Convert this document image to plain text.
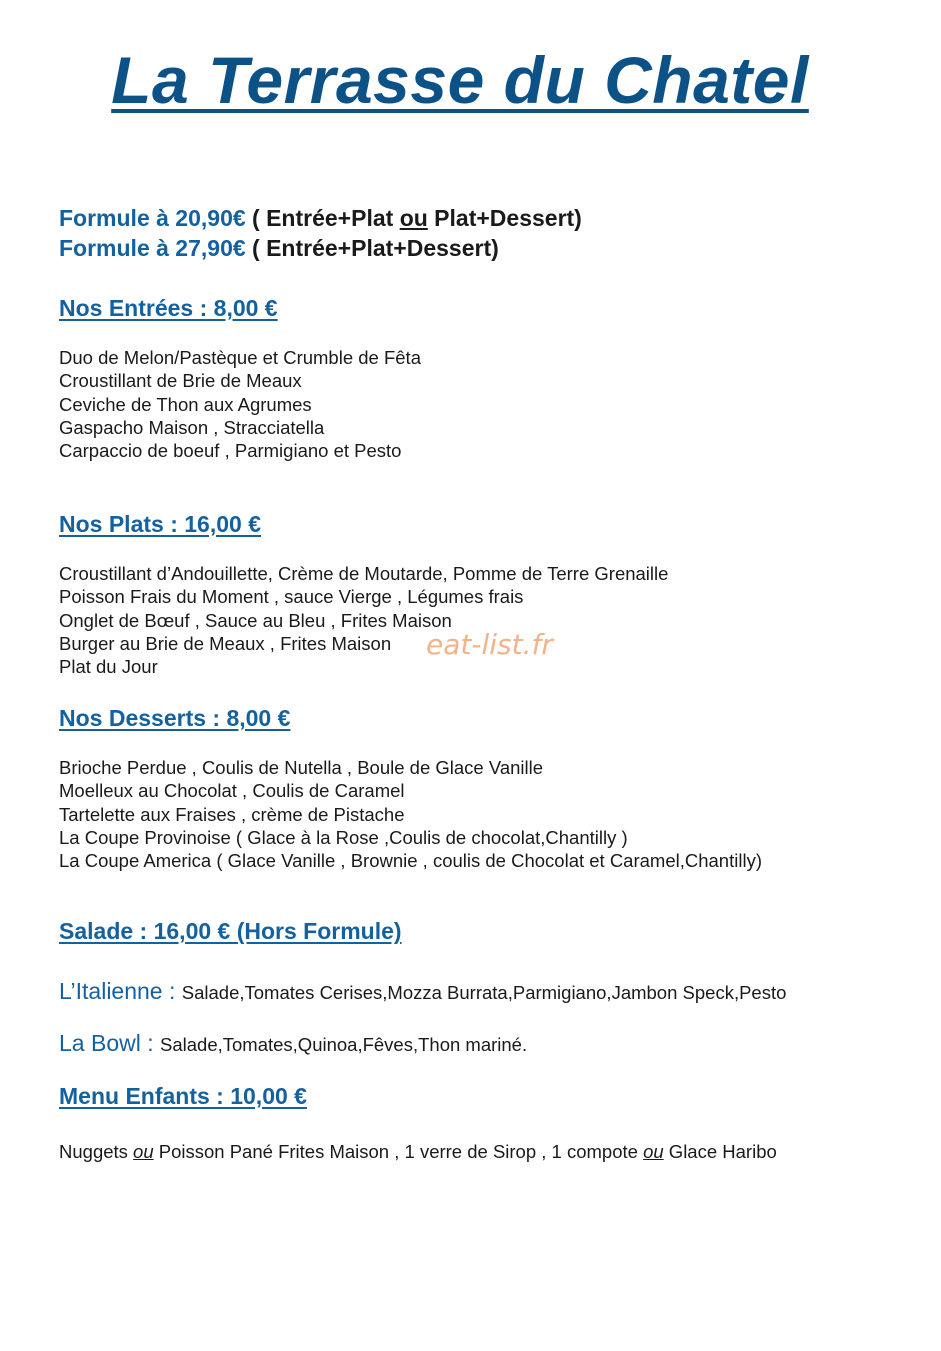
La Terrasse du Chatel
Formule à 20,90€ ( Entrée+Plat ou Plat+Dessert)
Formule à 27,90€ ( Entrée+Plat+Dessert)
Nos Entrées : 8,00 €
Duo de Melon/Pastèque et Crumble de Fêta
Croustillant de Brie de Meaux
Ceviche de Thon aux Agrumes
Gaspacho Maison , Stracciatella
Carpaccio de boeuf , Parmigiano et Pesto
Nos Plats : 16,00 €
Croustillant d’Andouillette, Crème de Moutarde, Pomme de Terre Grenaille
Poisson Frais du Moment , sauce Vierge , Légumes frais
Onglet de Bœuf , Sauce au Bleu , Frites Maison
Burger au Brie de Meaux , Frites Maison
Plat du Jour
eat-list.fr
Nos Desserts : 8,00 €
Brioche Perdue , Coulis de Nutella , Boule de Glace Vanille
Moelleux au Chocolat , Coulis de Caramel
Tartelette aux Fraises , crème de Pistache
La Coupe Provinoise ( Glace à la Rose ,Coulis de chocolat,Chantilly )
La Coupe America ( Glace Vanille , Brownie , coulis de Chocolat et Caramel,Chantilly)
Salade : 16,00 € (Hors Formule)
L’Italienne : Salade,Tomates Cerises,Mozza Burrata,Parmigiano,Jambon Speck,Pesto
La Bowl : Salade,Tomates,Quinoa,Fêves,Thon mariné.
Menu Enfants : 10,00 €
Nuggets ou Poisson Pané Frites Maison , 1 verre de Sirop , 1 compote ou Glace Haribo
